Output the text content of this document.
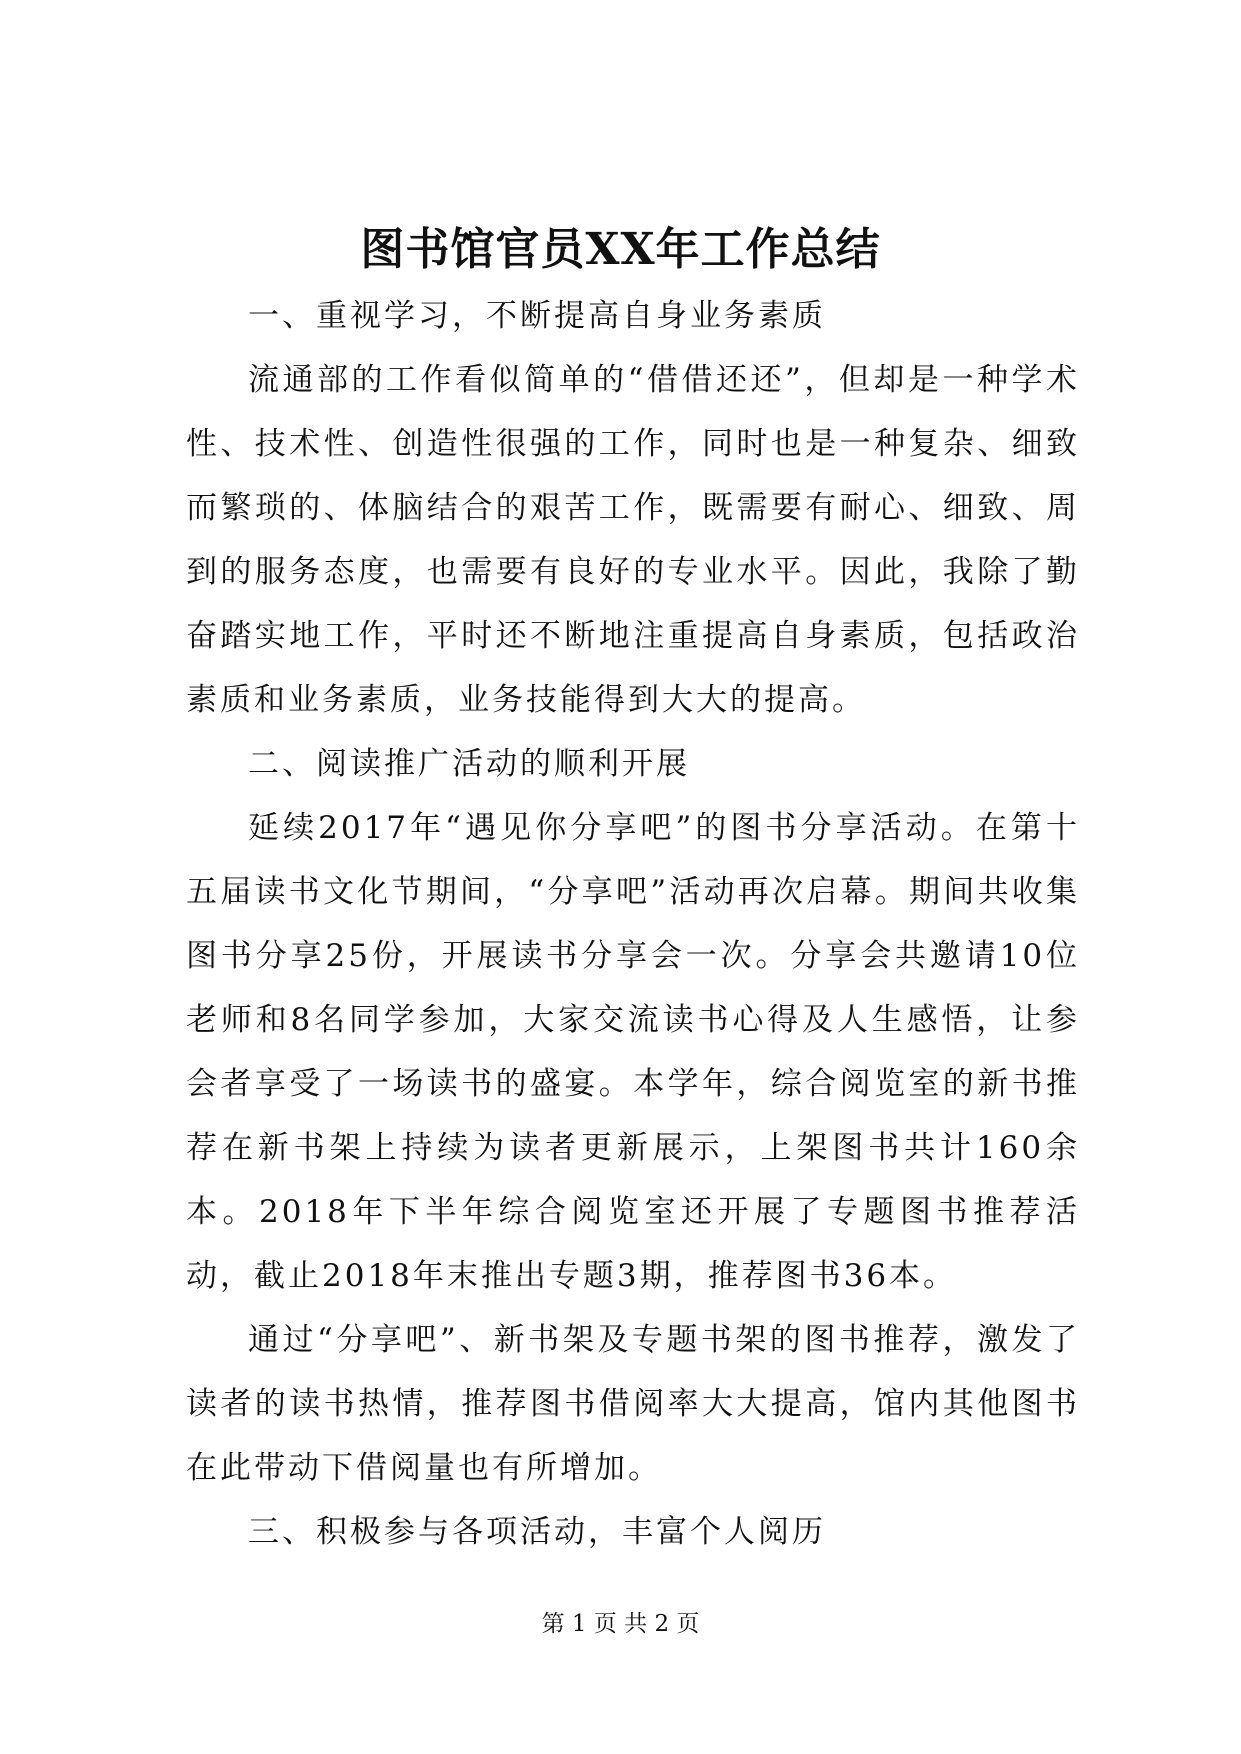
图书馆官员XX年工作总结

一、重视学习，不断提高自身业务素质

流通部的工作看似简单的“借借还还”，但却是一种学术性、技术性、创造性很强的工作，同时也是一种复杂、细致而繁琐的、体脑结合的艰苦工作，既需要有耐心、细致、周到的服务态度，也需要有良好的专业水平。因此，我除了勤奋踏实地工作，平时还不断地注重提高自身素质，包括政治素质和业务素质，业务技能得到大大的提高。

二、阅读推广活动的顺利开展

延续2017年“遇见你分享吧”的图书分享活动。在第十五届读书文化节期间，“分享吧”活动再次启幕。期间共收集图书分享25份，开展读书分享会一次。分享会共邀请10位老师和8名同学参加，大家交流读书心得及人生感悟，让参会者享受了一场读书的盛宴。本学年，综合阅览室的新书推荐在新书架上持续为读者更新展示，上架图书共计160余本。2018年下半年综合阅览室还开展了专题图书推荐活动，截止2018年末推出专题3期，推荐图书36本。

通过“分享吧”、新书架及专题书架的图书推荐，激发了读者的读书热情，推荐图书借阅率大大提高，馆内其他图书在此带动下借阅量也有所增加。

三、积极参与各项活动，丰富个人阅历

第 1 页 共 2 页
